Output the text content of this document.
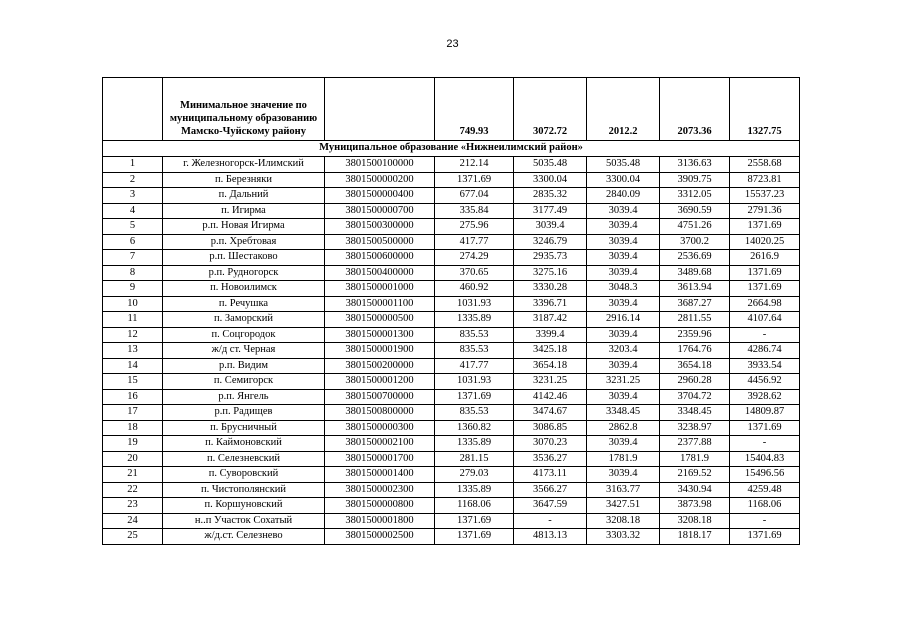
23
	Минимальное значение по муниципальному образованию Мамско-Чуйскому району		749.93	3072.72	2012.2	2073.36	1327.75
Муниципальное образование «Нижнеилимский район»							
1	г. Железногорск-Илимский	3801500100000	212.14	5035.48	5035.48	3136.63	2558.68
2	п. Березняки	3801500000200	1371.69	3300.04	3300.04	3909.75	8723.81
3	п. Дальний	3801500000400	677.04	2835.32	2840.09	3312.05	15537.23
4	п. Игирма	3801500000700	335.84	3177.49	3039.4	3690.59	2791.36
5	р.п. Новая Игирма	3801500300000	275.96	3039.4	3039.4	4751.26	1371.69
6	р.п. Хребтовая	3801500500000	417.77	3246.79	3039.4	3700.2	14020.25
7	р.п. Шестаково	3801500600000	274.29	2935.73	3039.4	2536.69	2616.9
8	р.п. Рудногорск	3801500400000	370.65	3275.16	3039.4	3489.68	1371.69
9	п. Новоилимск	3801500001000	460.92	3330.28	3048.3	3613.94	1371.69
10	п. Речушка	3801500001100	1031.93	3396.71	3039.4	3687.27	2664.98
11	п. Заморский	3801500000500	1335.89	3187.42	2916.14	2811.55	4107.64
12	п. Соцгородок	3801500001300	835.53	3399.4	3039.4	2359.96	-
13	ж/д ст. Черная	3801500001900	835.53	3425.18	3203.4	1764.76	4286.74
14	р.п. Видим	3801500200000	417.77	3654.18	3039.4	3654.18	3933.54
15	п. Семигорск	3801500001200	1031.93	3231.25	3231.25	2960.28	4456.92
16	р.п. Янгель	3801500700000	1371.69	4142.46	3039.4	3704.72	3928.62
17	р.п. Радищев	3801500800000	835.53	3474.67	3348.45	3348.45	14809.87
18	п. Брусничный	3801500000300	1360.82	3086.85	2862.8	3238.97	1371.69
19	п. Каймоновский	3801500002100	1335.89	3070.23	3039.4	2377.88	-
20	п. Селезневский	3801500001700	281.15	3536.27	1781.9	1781.9	15404.83
21	п. Суворовский	3801500001400	279.03	4173.11	3039.4	2169.52	15496.56
22	п. Чистополянский	3801500002300	1335.89	3566.27	3163.77	3430.94	4259.48
23	п. Коршуновский	3801500000800	1168.06	3647.59	3427.51	3873.98	1168.06
24	н..п Участок Сохатый	3801500001800	1371.69	-	3208.18	3208.18	-
25	ж/д.ст. Селезнево	3801500002500	1371.69	4813.13	3303.32	1818.17	1371.69
